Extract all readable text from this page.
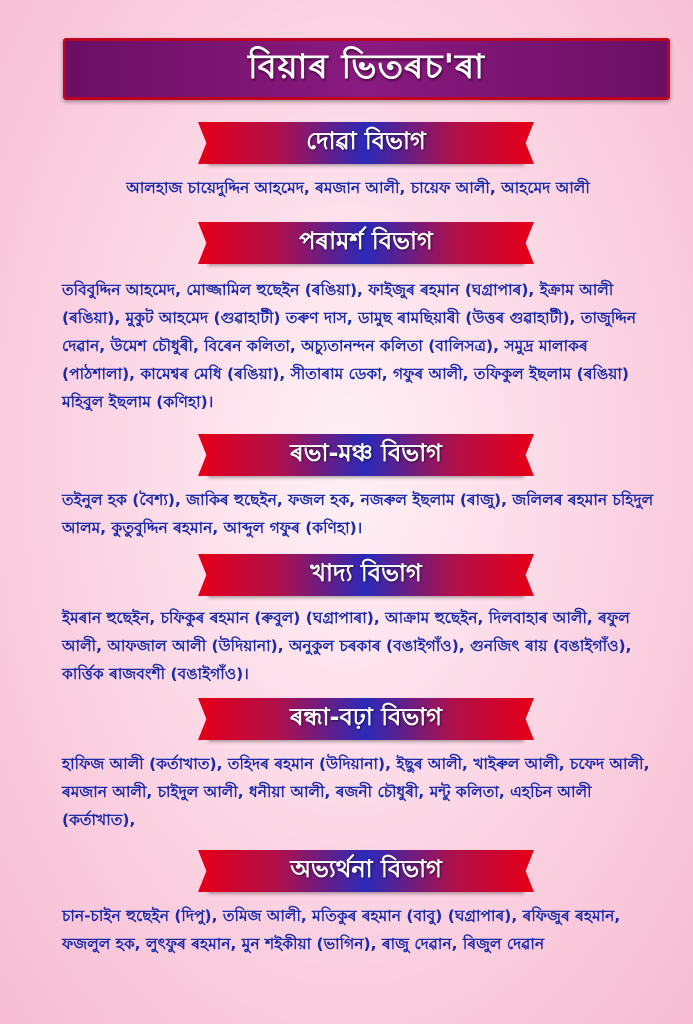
বিয়াৰ ভিতৰচ'ৰা
দোৱা বিভাগ

আলহাজ চায়েদুদ্দিন আহমেদ, ৰমজান আলী, চায়েফ আলী, আহমেদ আলী

পৰামৰ্শ বিভাগ

তবিবুদ্দিন আহমেদ, মোজ্জামিল হুছেইন (ৰঙিয়া), ফাইজুৰ ৰহমান (ঘগ্ৰাপাৰ), ইক্ৰাম আলী (ৰঙিয়া), মুকুট আহমেদ (গুৱাহাটী) তৰুণ দাস, ডামুছ ৰামছিয়াৰী (উত্তৰ গুৱাহাটী), তাজুদ্দিন দেৱান, উমেশ চৌধুৰী, বিৰেন কলিতা, অচ্যুতানন্দন কলিতা (বালিসত্ৰ), সমুদ্ৰ মালাকৰ (পাঠশালা), কামেশ্বৰ মেধি (ৰঙিয়া), সীতাৰাম ডেকা, গফুৰ আলী, তফিকুল ইছলাম (ৰঙিয়া) মহিবুল ইছলাম (কণিহা)।

ৰভা-মঞ্চ বিভাগ

তইনুল হক (বৈশ্য), জাকিৰ হুছেইন, ফজল হক, নজৰুল ইছলাম (ৰাজু), জলিলৰ ৰহমান চহিদুল আলম, কুতুবুদ্দিন ৰহমান, আব্দুল গফুৰ (কণিহা)।

খাদ্য বিভাগ

ইমৰান হুছেইন, চফিকুৰ ৰহমান (ৰুবুল) (ঘগ্ৰাপাৰা), আক্ৰাম হুছেইন, দিলবাহাৰ আলী, ৰফুল আলী, আফজাল আলী (উদিয়ানা), অনুকুল চৰকাৰ (বঙাইগাঁও), গুনজিৎ ৰায় (বঙাইগাঁও), কাৰ্ত্তিক ৰাজবংশী (বঙাইগাঁও)।

ৰন্ধা-বঢ়া বিভাগ

হাফিজ আলী (কৰ্তাখাত), তহিদৰ ৰহমান (উদিয়ানা), ইছুৰ আলী, খাইৰুল আলী, চফেদ আলী, ৰমজান আলী, চাইদুল আলী, ধনীয়া আলী, ৰজনী চৌধুৰী, মন্টু কলিতা, এহচিন আলী (কৰ্তাখাত),

অভ্যৰ্থনা বিভাগ

চান-চাইন হুছেইন (দিপু), তমিজ আলী, মতিকুৰ ৰহমান (বাবু) (ঘগ্ৰাপাৰ), ৰফিজুৰ ৰহমান, ফজলুল হক, লুৎফুৰ ৰহমান, মুন শইকীয়া (ভাগিন), ৰাজু দেৱান, ৰিজুল দেৱান
